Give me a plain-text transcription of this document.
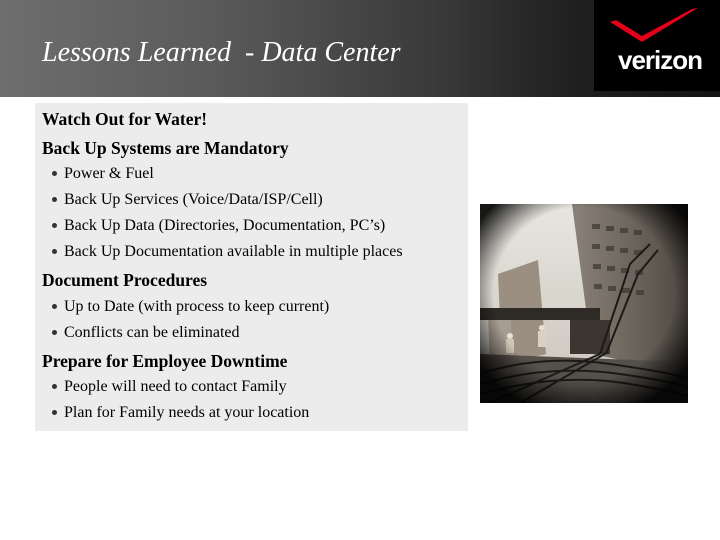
Lessons Learned  - Data Center	verizon
Watch Out for Water!
Back Up Systems are Mandatory
Power & Fuel
Back Up Services (Voice/Data/ISP/Cell)
Back Up Data (Directories, Documentation, PC’s)
Back Up Documentation available in multiple places
Document Procedures
Up to Date (with process to keep current)
Conflicts can be eliminated
Prepare for Employee Downtime
People will need to contact Family
Plan for Family needs at your location
